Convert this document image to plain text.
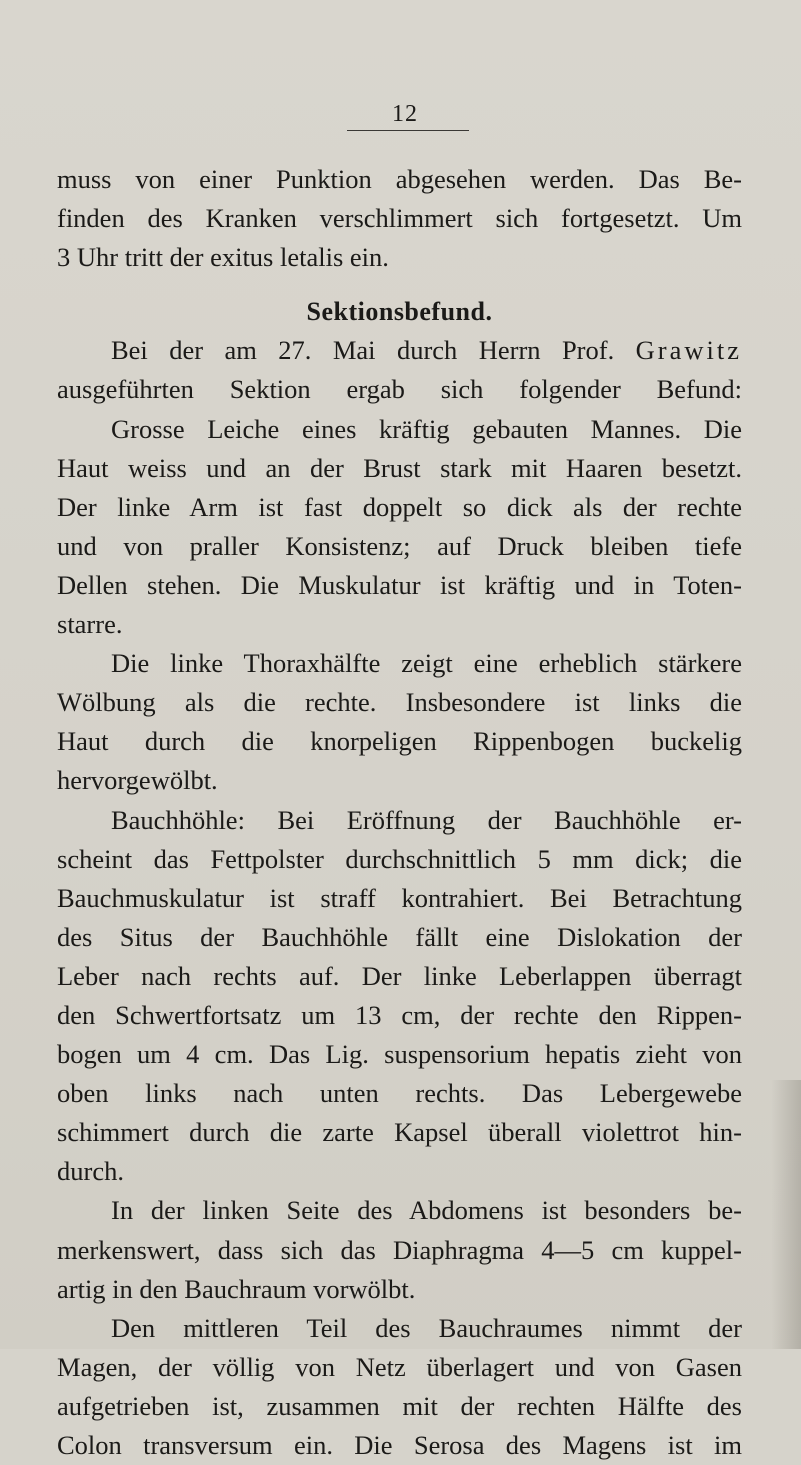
12
muss von einer Punktion abgesehen werden. Das Be-
finden des Kranken verschlimmert sich fortgesetzt. Um
3 Uhr tritt der exitus letalis ein.
Sektionsbefund.
Bei der am 27. Mai durch Herrn Prof. Grawitz
ausgeführten Sektion ergab sich folgender Befund:
Grosse Leiche eines kräftig gebauten Mannes. Die
Haut weiss und an der Brust stark mit Haaren besetzt.
Der linke Arm ist fast doppelt so dick als der rechte
und von praller Konsistenz; auf Druck bleiben tiefe
Dellen stehen. Die Muskulatur ist kräftig und in Toten-
starre.
Die linke Thoraxhälfte zeigt eine erheblich stärkere
Wölbung als die rechte. Insbesondere ist links die
Haut durch die knorpeligen Rippenbogen buckelig
hervorgewölbt.
Bauchhöhle: Bei Eröffnung der Bauchhöhle er-
scheint das Fettpolster durchschnittlich 5 mm dick; die
Bauchmuskulatur ist straff kontrahiert. Bei Betrachtung
des Situs der Bauchhöhle fällt eine Dislokation der
Leber nach rechts auf. Der linke Leberlappen überragt
den Schwertfortsatz um 13 cm, der rechte den Rippen-
bogen um 4 cm. Das Lig. suspensorium hepatis zieht von
oben links nach unten rechts. Das Lebergewebe
schimmert durch die zarte Kapsel überall violettrot hin-
durch.
In der linken Seite des Abdomens ist besonders be-
merkenswert, dass sich das Diaphragma 4—5 cm kuppel-
artig in den Bauchraum vorwölbt.
Den mittleren Teil des Bauchraumes nimmt der
Magen, der völlig von Netz überlagert und von Gasen
aufgetrieben ist, zusammen mit der rechten Hälfte des
Colon transversum ein. Die Serosa des Magens ist im
